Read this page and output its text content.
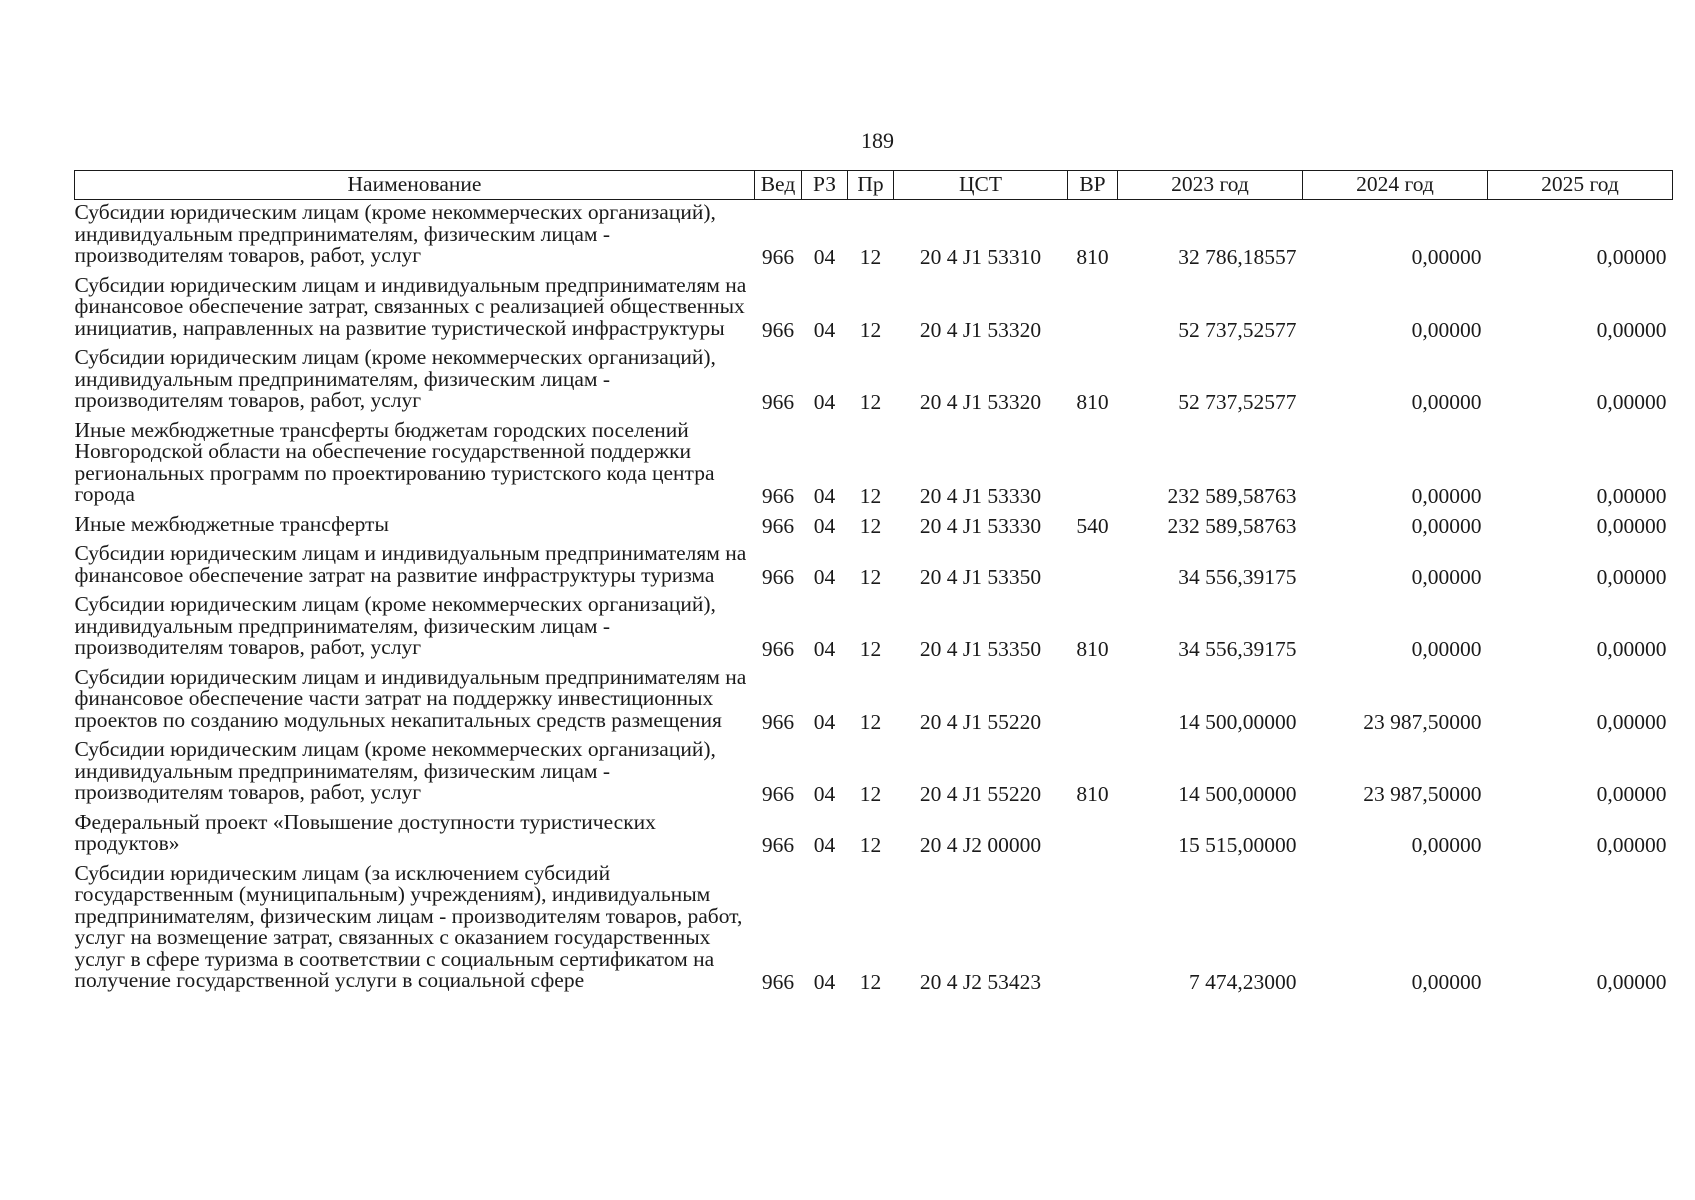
189
Наименование	Вед	РЗ	Пр	ЦСТ	ВР	2023 год	2024 год	2025 год
Субсидии юридическим лицам (кроме некоммерческих организаций), индивидуальным предпринимателям, физическим лицам - производителям товаров, работ, услуг	966	04	12	20 4 J1 53310	810	32 786,18557	0,00000	0,00000
Субсидии юридическим лицам и индивидуальным предпринимателям на финансовое обеспечение затрат, связанных с реализацией общественных инициатив, направленных на развитие туристической инфраструктуры	966	04	12	20 4 J1 53320		52 737,52577	0,00000	0,00000
Субсидии юридическим лицам (кроме некоммерческих организаций), индивидуальным предпринимателям, физическим лицам - производителям товаров, работ, услуг	966	04	12	20 4 J1 53320	810	52 737,52577	0,00000	0,00000
Иные межбюджетные трансферты бюджетам городских поселений Новгородской области на обеспечение государственной поддержки региональных программ по проектированию туристского кода центра города	966	04	12	20 4 J1 53330		232 589,58763	0,00000	0,00000
Иные межбюджетные трансферты	966	04	12	20 4 J1 53330	540	232 589,58763	0,00000	0,00000
Субсидии юридическим лицам и индивидуальным предпринимателям на финансовое обеспечение затрат на развитие инфраструктуры туризма	966	04	12	20 4 J1 53350		34 556,39175	0,00000	0,00000
Субсидии юридическим лицам (кроме некоммерческих организаций), индивидуальным предпринимателям, физическим лицам - производителям товаров, работ, услуг	966	04	12	20 4 J1 53350	810	34 556,39175	0,00000	0,00000
Субсидии юридическим лицам и индивидуальным предпринимателям на финансовое обеспечение части затрат на поддержку инвестиционных проектов по созданию модульных некапитальных средств размещения	966	04	12	20 4 J1 55220		14 500,00000	23 987,50000	0,00000
Субсидии юридическим лицам (кроме некоммерческих организаций), индивидуальным предпринимателям, физическим лицам - производителям товаров, работ, услуг	966	04	12	20 4 J1 55220	810	14 500,00000	23 987,50000	0,00000
Федеральный проект «Повышение доступности туристических продуктов»	966	04	12	20 4 J2 00000		15 515,00000	0,00000	0,00000
Субсидии юридическим лицам (за исключением субсидий государственным (муниципальным) учреждениям), индивидуальным предпринимателям, физическим лицам - производителям товаров, работ, услуг на возмещение затрат, связанных с оказанием государственных услуг в сфере туризма в соответствии с социальным сертификатом на получение государственной услуги в социальной сфере	966	04	12	20 4 J2 53423		7 474,23000	0,00000	0,00000
